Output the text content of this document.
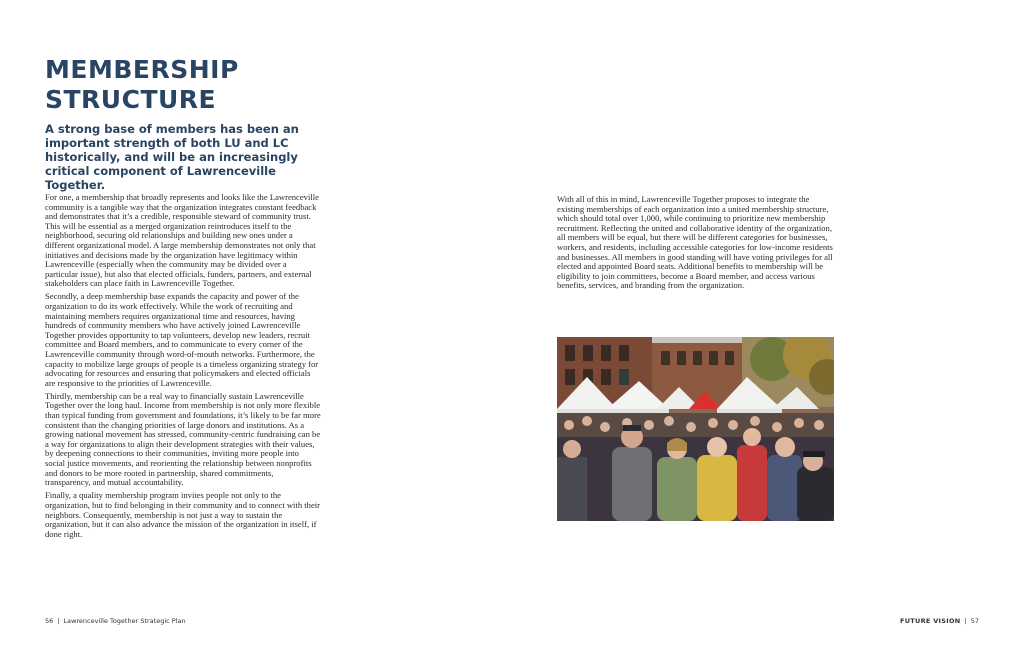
MEMBERSHIP
STRUCTURE
A strong base of members has been an important strength of both LU and LC historically, and will be an increasingly critical component of Lawrenceville Together.

For one, a membership that broadly represents and looks like the Lawrenceville community is a tangible way that the organization integrates constant feedback and demonstrates that it’s a credible, responsible steward of community trust. This will be essential as a merged organization reintroduces itself to the neighborhood, securing old relationships and building new ones under a different organizational model. A large membership demonstrates not only that initiatives and decisions made by the organization have legitimacy within Lawrenceville (especially when the community may be divided over a particular issue), but also that elected officials, funders, partners, and external stakeholders can place faith in Lawrenceville Together.

Secondly, a deep membership base expands the capacity and power of the organization to do its work effectively. While the work of recruiting and maintaining members requires organizational time and resources, having hundreds of community members who have actively joined Lawrenceville Together provides opportunity to tap volunteers, develop new leaders, recruit committee and Board members, and to communicate to every corner of the Lawrenceville community through word-of-mouth networks. Furthermore, the capacity to mobilize large groups of people is a timeless organizing strategy for advocating for resources and ensuring that policymakers and elected officials are responsive to the priorities of Lawrenceville.

Thirdly, membership can be a real way to financially sustain Lawrenceville Together over the long haul. Income from membership is not only more flexible than typical funding from government and foundations, it’s likely to be far more consistent than the changing priorities of large donors and institutions. As a growing national movement has stressed, community-centric fundraising can be a way for organizations to align their development strategies with their values, by deepening connections to their communities, inviting more people into social justice movements, and reorienting the relationship between nonprofits and donors to be more rooted in partnership, shared commitments, transparency, and mutual accountability.

Finally, a quality membership program invites people not only to the organization, but to find belonging in their community and to connect with their neighbors. Consequently, membership is not just a way to sustain the organization, but it can also advance the mission of the organization in itself, if done right.

56 | Lawrenceville Together Strategic Plan

With all of this in mind, Lawrenceville Together proposes to integrate the existing memberships of each organization into a united membership structure, which should total over 1,000, while continuing to prioritize new membership recruitment. Reflecting the united and collaborative identity of the organization, all members will be equal, but there will be different categories for businesses, workers, and residents, including accessible categories for low-income residents and businesses. All members in good standing will have voting privileges for all elected and appointed Board seats. Additional benefits to membership will be eligibility to join committees, become a Board member, and access various benefits, services, and branding from the organization.

FUTURE VISION | 57
